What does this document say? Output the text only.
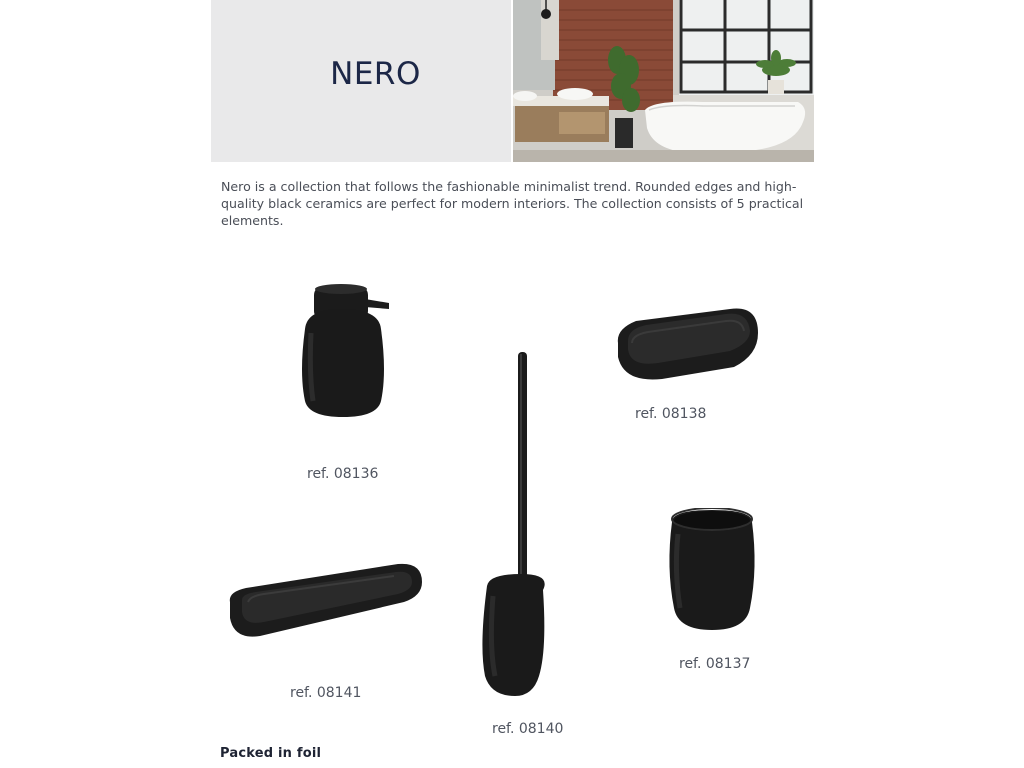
NERO
Nero is a collection that follows the fashionable minimalist trend. Rounded edges and high-quality black ceramics are perfect for modern interiors. The collection consists of 5 practical elements.
ref. 08136
ref. 08138
ref. 08141
ref. 08140
ref. 08137
Packed in foil
